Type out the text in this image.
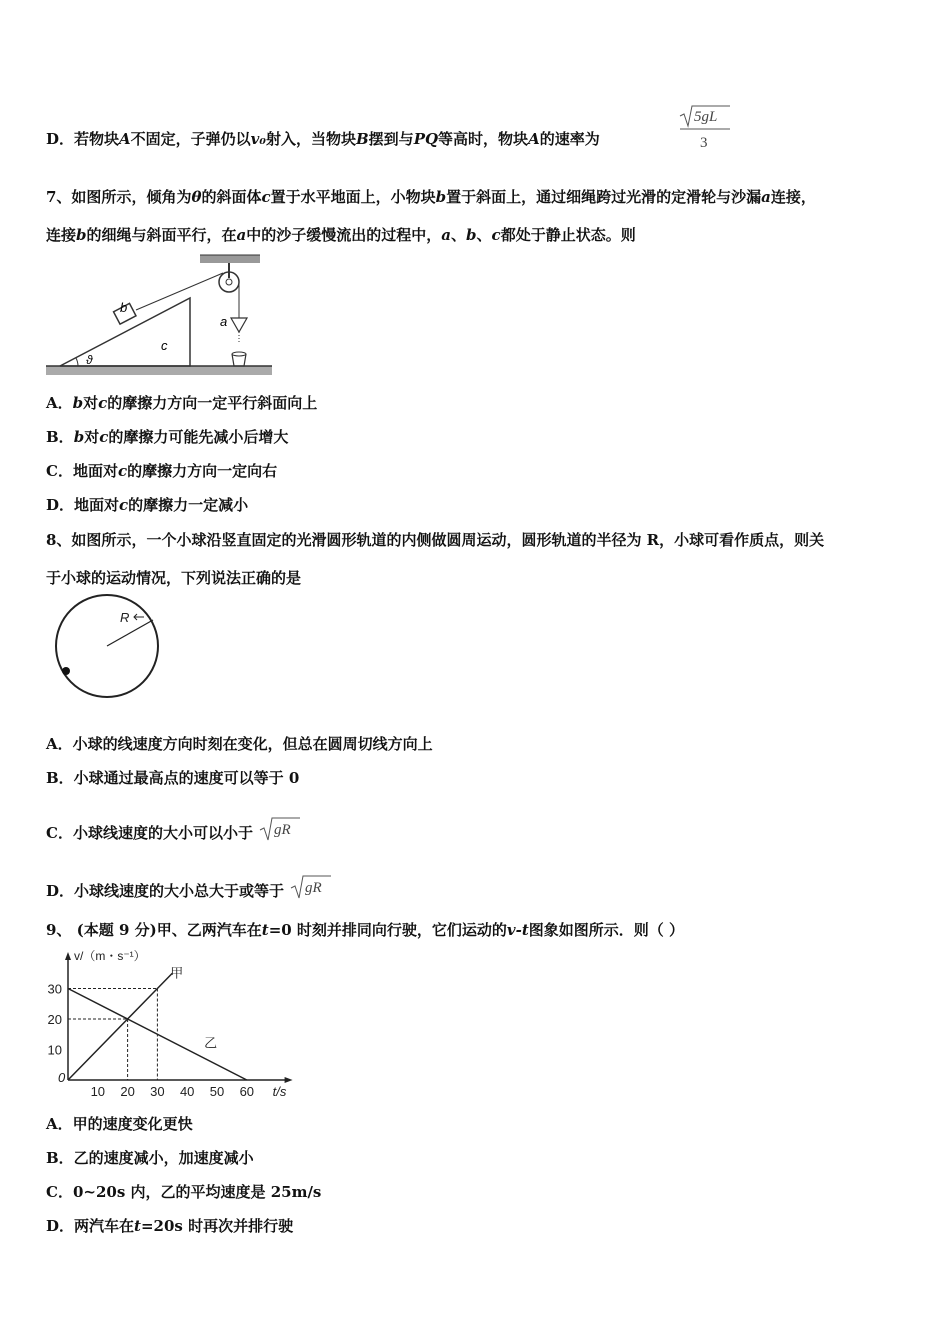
D．若物块A不固定，子弹仍以v₀射入，当物块B摆到与PQ等高时，物块A的速率为
5gL
3
7、如图所示，倾角为θ的斜面体c置于水平地面上，小物块b置于斜面上，通过细绳跨过光滑的定滑轮与沙漏a连接，
连接b的细绳与斜面平行，在a中的沙子缓慢流出的过程中，a、b、c都处于静止状态。则
ϑ
b
c
a
A．b对c的摩擦力方向一定平行斜面向上
B．b对c的摩擦力可能先减小后增大
C．地面对c的摩擦力方向一定向右
D．地面对c的摩擦力一定减小
8、如图所示，一个小球沿竖直固定的光滑圆形轨道的内侧做圆周运动，圆形轨道的半径为 R，小球可看作质点，则关
于小球的运动情况，下列说法正确的是
R
A．小球的线速度方向时刻在变化，但总在圆周切线方向上
B．小球通过最高点的速度可以等于 0
C．小球线速度的大小可以小于 gR
D．小球线速度的大小总大于或等于 gR
9、 (本题 9 分)甲、乙两汽车在t=0 时刻并排同向行驶，它们运动的v-t图象如图所示．则（ ）
v/（m・s⁻¹）
t/s
0
10 20 30 40 50 60
10
20
30
甲
乙
A．甲的速度变化更快
B．乙的速度减小，加速度减小
C．0~20s 内，乙的平均速度是 25m/s
D．两汽车在t=20s 时再次并排行驶
